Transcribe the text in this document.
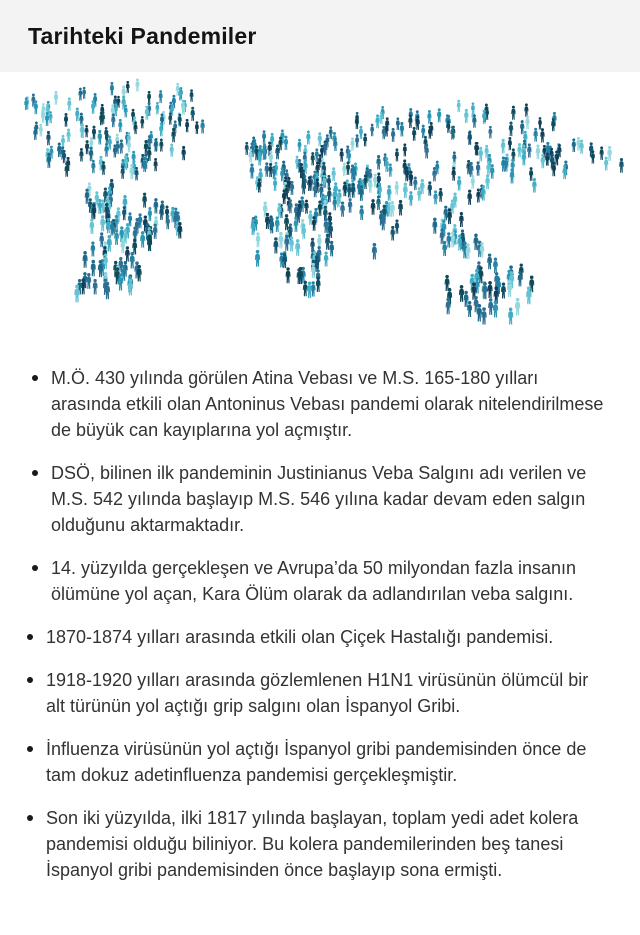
Tarihteki Pandemiler
M.Ö. 430 yılında görülen Atina Vebası ve M.S. 165-180 yılları arasında etkili olan Antoninus Vebası pandemi olarak nitelendirilmese de büyük can kayıplarına yol açmıştır.
DSÖ, bilinen ilk pandeminin Justinianus Veba Salgını adı verilen ve M.S. 542 yılında başlayıp M.S. 546 yılına kadar devam eden salgın olduğunu aktarmaktadır.
14. yüzyılda gerçekleşen ve Avrupa’da 50 milyondan fazla insanın ölümüne yol açan, Kara Ölüm olarak da adlandırılan veba salgını.
1870-1874 yılları arasında etkili olan Çiçek Hastalığı pandemisi.
1918-1920 yılları arasında gözlemlenen H1N1 virüsünün ölümcül bir alt türünün yol açtığı grip salgını olan İspanyol Gribi.
İnfluenza virüsünün yol açtığı İspanyol gribi pandemisinden önce de tam dokuz adetinfluenza pandemisi gerçekleşmiştir.
Son iki yüzyılda, ilki 1817 yılında başlayan, toplam yedi adet kolera pandemisi olduğu biliniyor. Bu kolera pandemilerinden beş tanesi İspanyol gribi pandemisinden önce başlayıp sona ermişti.
